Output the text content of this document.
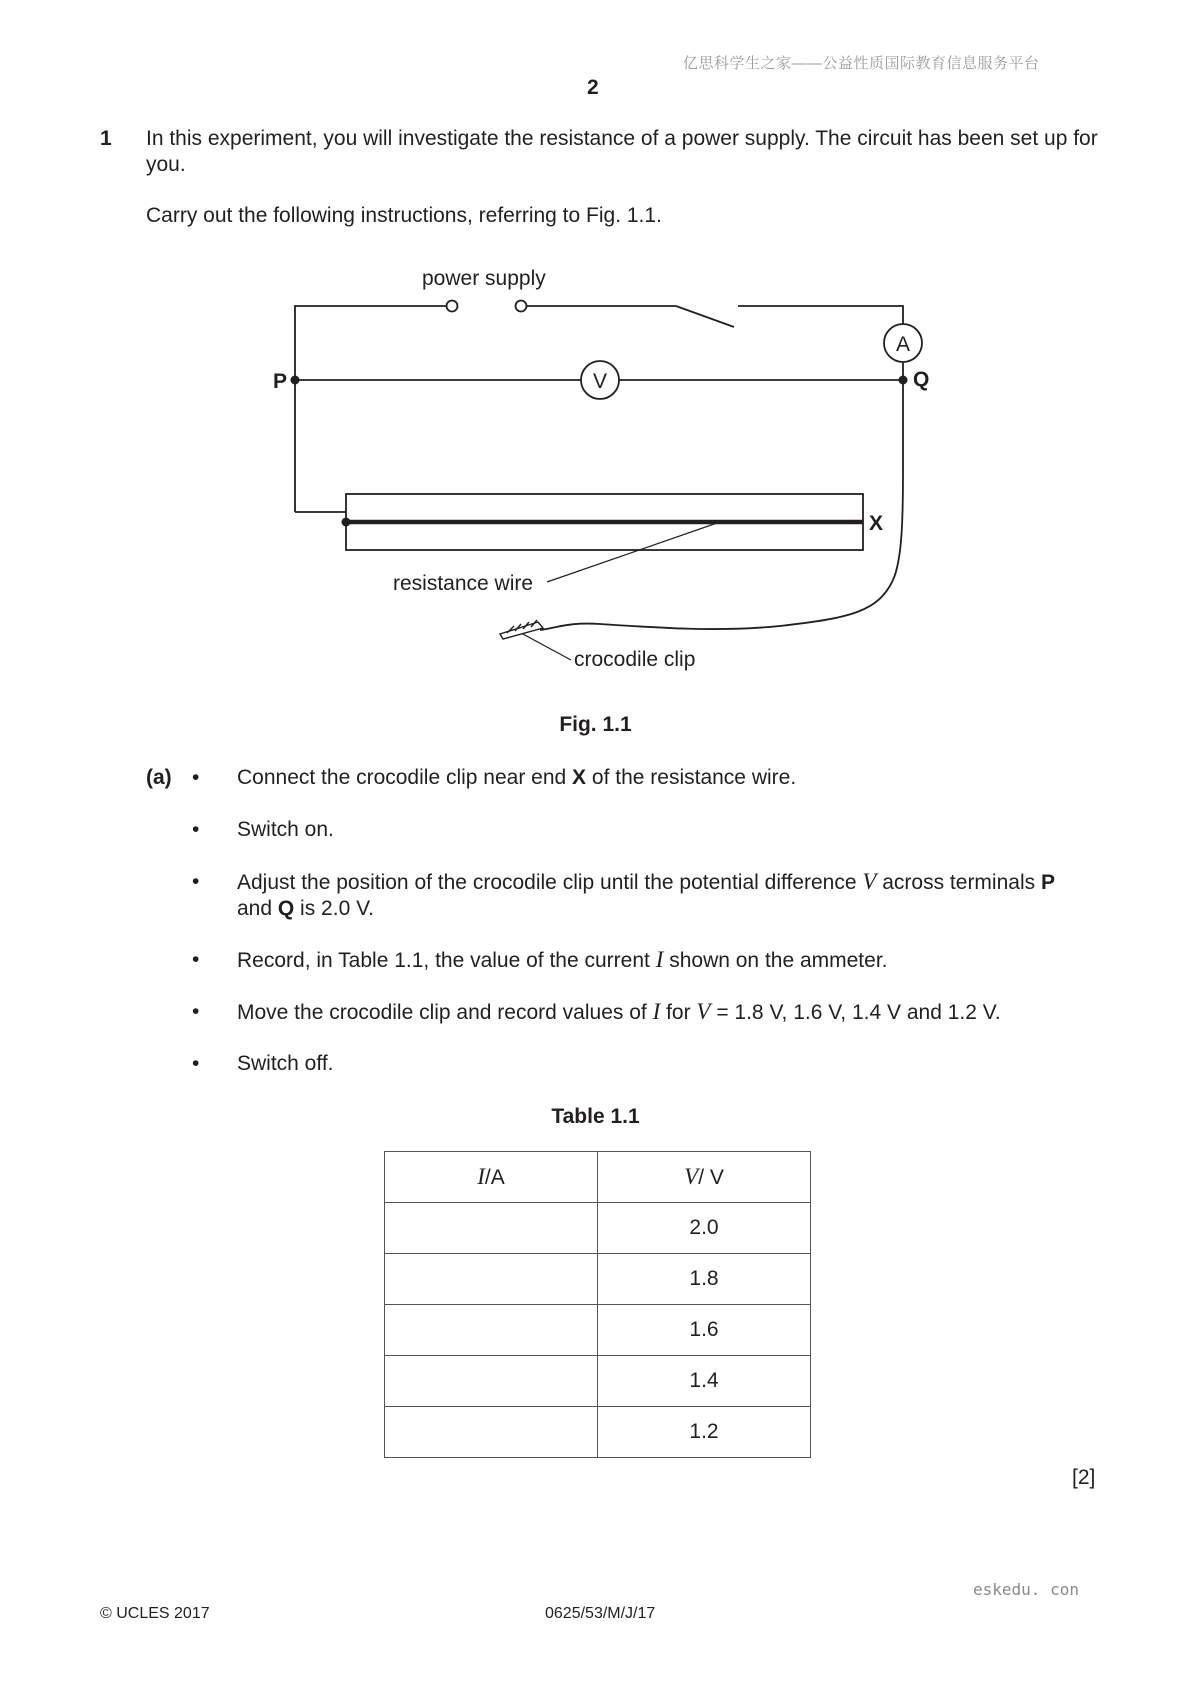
亿思科学生之家——公益性质国际教育信息服务平台
2
1 In this experiment, you will investigate the resistance of a power supply. The circuit has been set up for you.
Carry out the following instructions, referring to Fig. 1.1.
power supply
A
V
P	Q
X
resistance wire
crocodile clip
Fig. 1.1
(a) • Connect the crocodile clip near end X of the resistance wire.
• Switch on.
• Adjust the position of the crocodile clip until the potential difference V across terminals P
and Q is 2.0 V.
• Record, in Table 1.1, the value of the current I shown on the ammeter.
• Move the crocodile clip and record values of I for V = 1.8 V, 1.6 V, 1.4 V and 1.2 V.
• Switch off.
Table 1.1
I/A	V/ V
	2.0
	1.8
	1.6
	1.4
	1.2
[2]
eskedu. con
© UCLES 2017	0625/53/M/J/17
